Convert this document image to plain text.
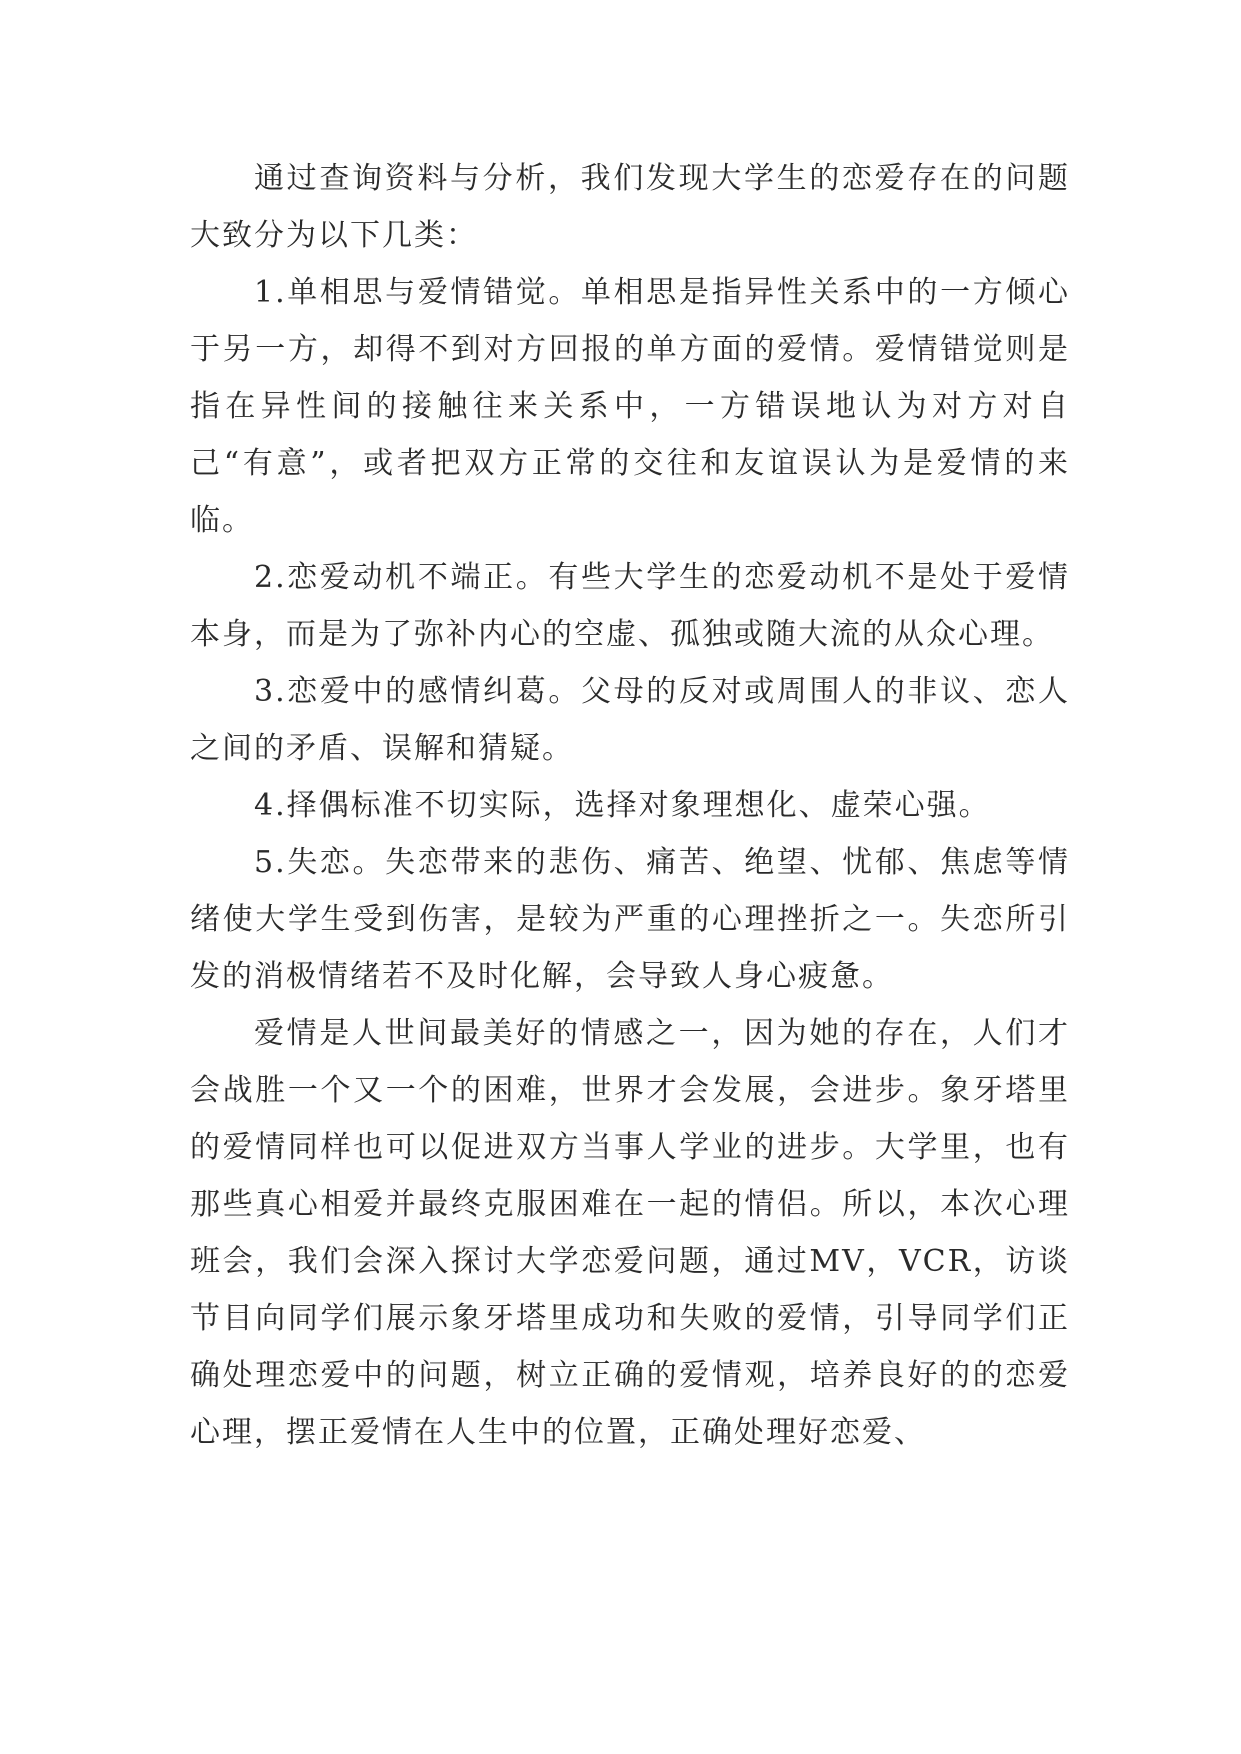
通过查询资料与分析，我们发现大学生的恋爱存在的问题大致分为以下几类：

1.单相思与爱情错觉。单相思是指异性关系中的一方倾心于另一方，却得不到对方回报的单方面的爱情。爱情错觉则是指在异性间的接触往来关系中，一方错误地认为对方对自己“有意”，或者把双方正常的交往和友谊误认为是爱情的来临。

2.恋爱动机不端正。有些大学生的恋爱动机不是处于爱情本身，而是为了弥补内心的空虚、孤独或随大流的从众心理。

3.恋爱中的感情纠葛。父母的反对或周围人的非议、恋人之间的矛盾、误解和猜疑。

4.择偶标准不切实际，选择对象理想化、虚荣心强。

5.失恋。失恋带来的悲伤、痛苦、绝望、忧郁、焦虑等情绪使大学生受到伤害，是较为严重的心理挫折之一。失恋所引发的消极情绪若不及时化解，会导致人身心疲惫。

爱情是人世间最美好的情感之一，因为她的存在，人们才会战胜一个又一个的困难，世界才会发展，会进步。象牙塔里的爱情同样也可以促进双方当事人学业的进步。大学里，也有那些真心相爱并最终克服困难在一起的情侣。所以，本次心理班会，我们会深入探讨大学恋爱问题，通过MV，VCR，访谈节目向同学们展示象牙塔里成功和失败的爱情，引导同学们正确处理恋爱中的问题，树立正确的爱情观，培养良好的的恋爱心理，摆正爱情在人生中的位置，正确处理好恋爱、
